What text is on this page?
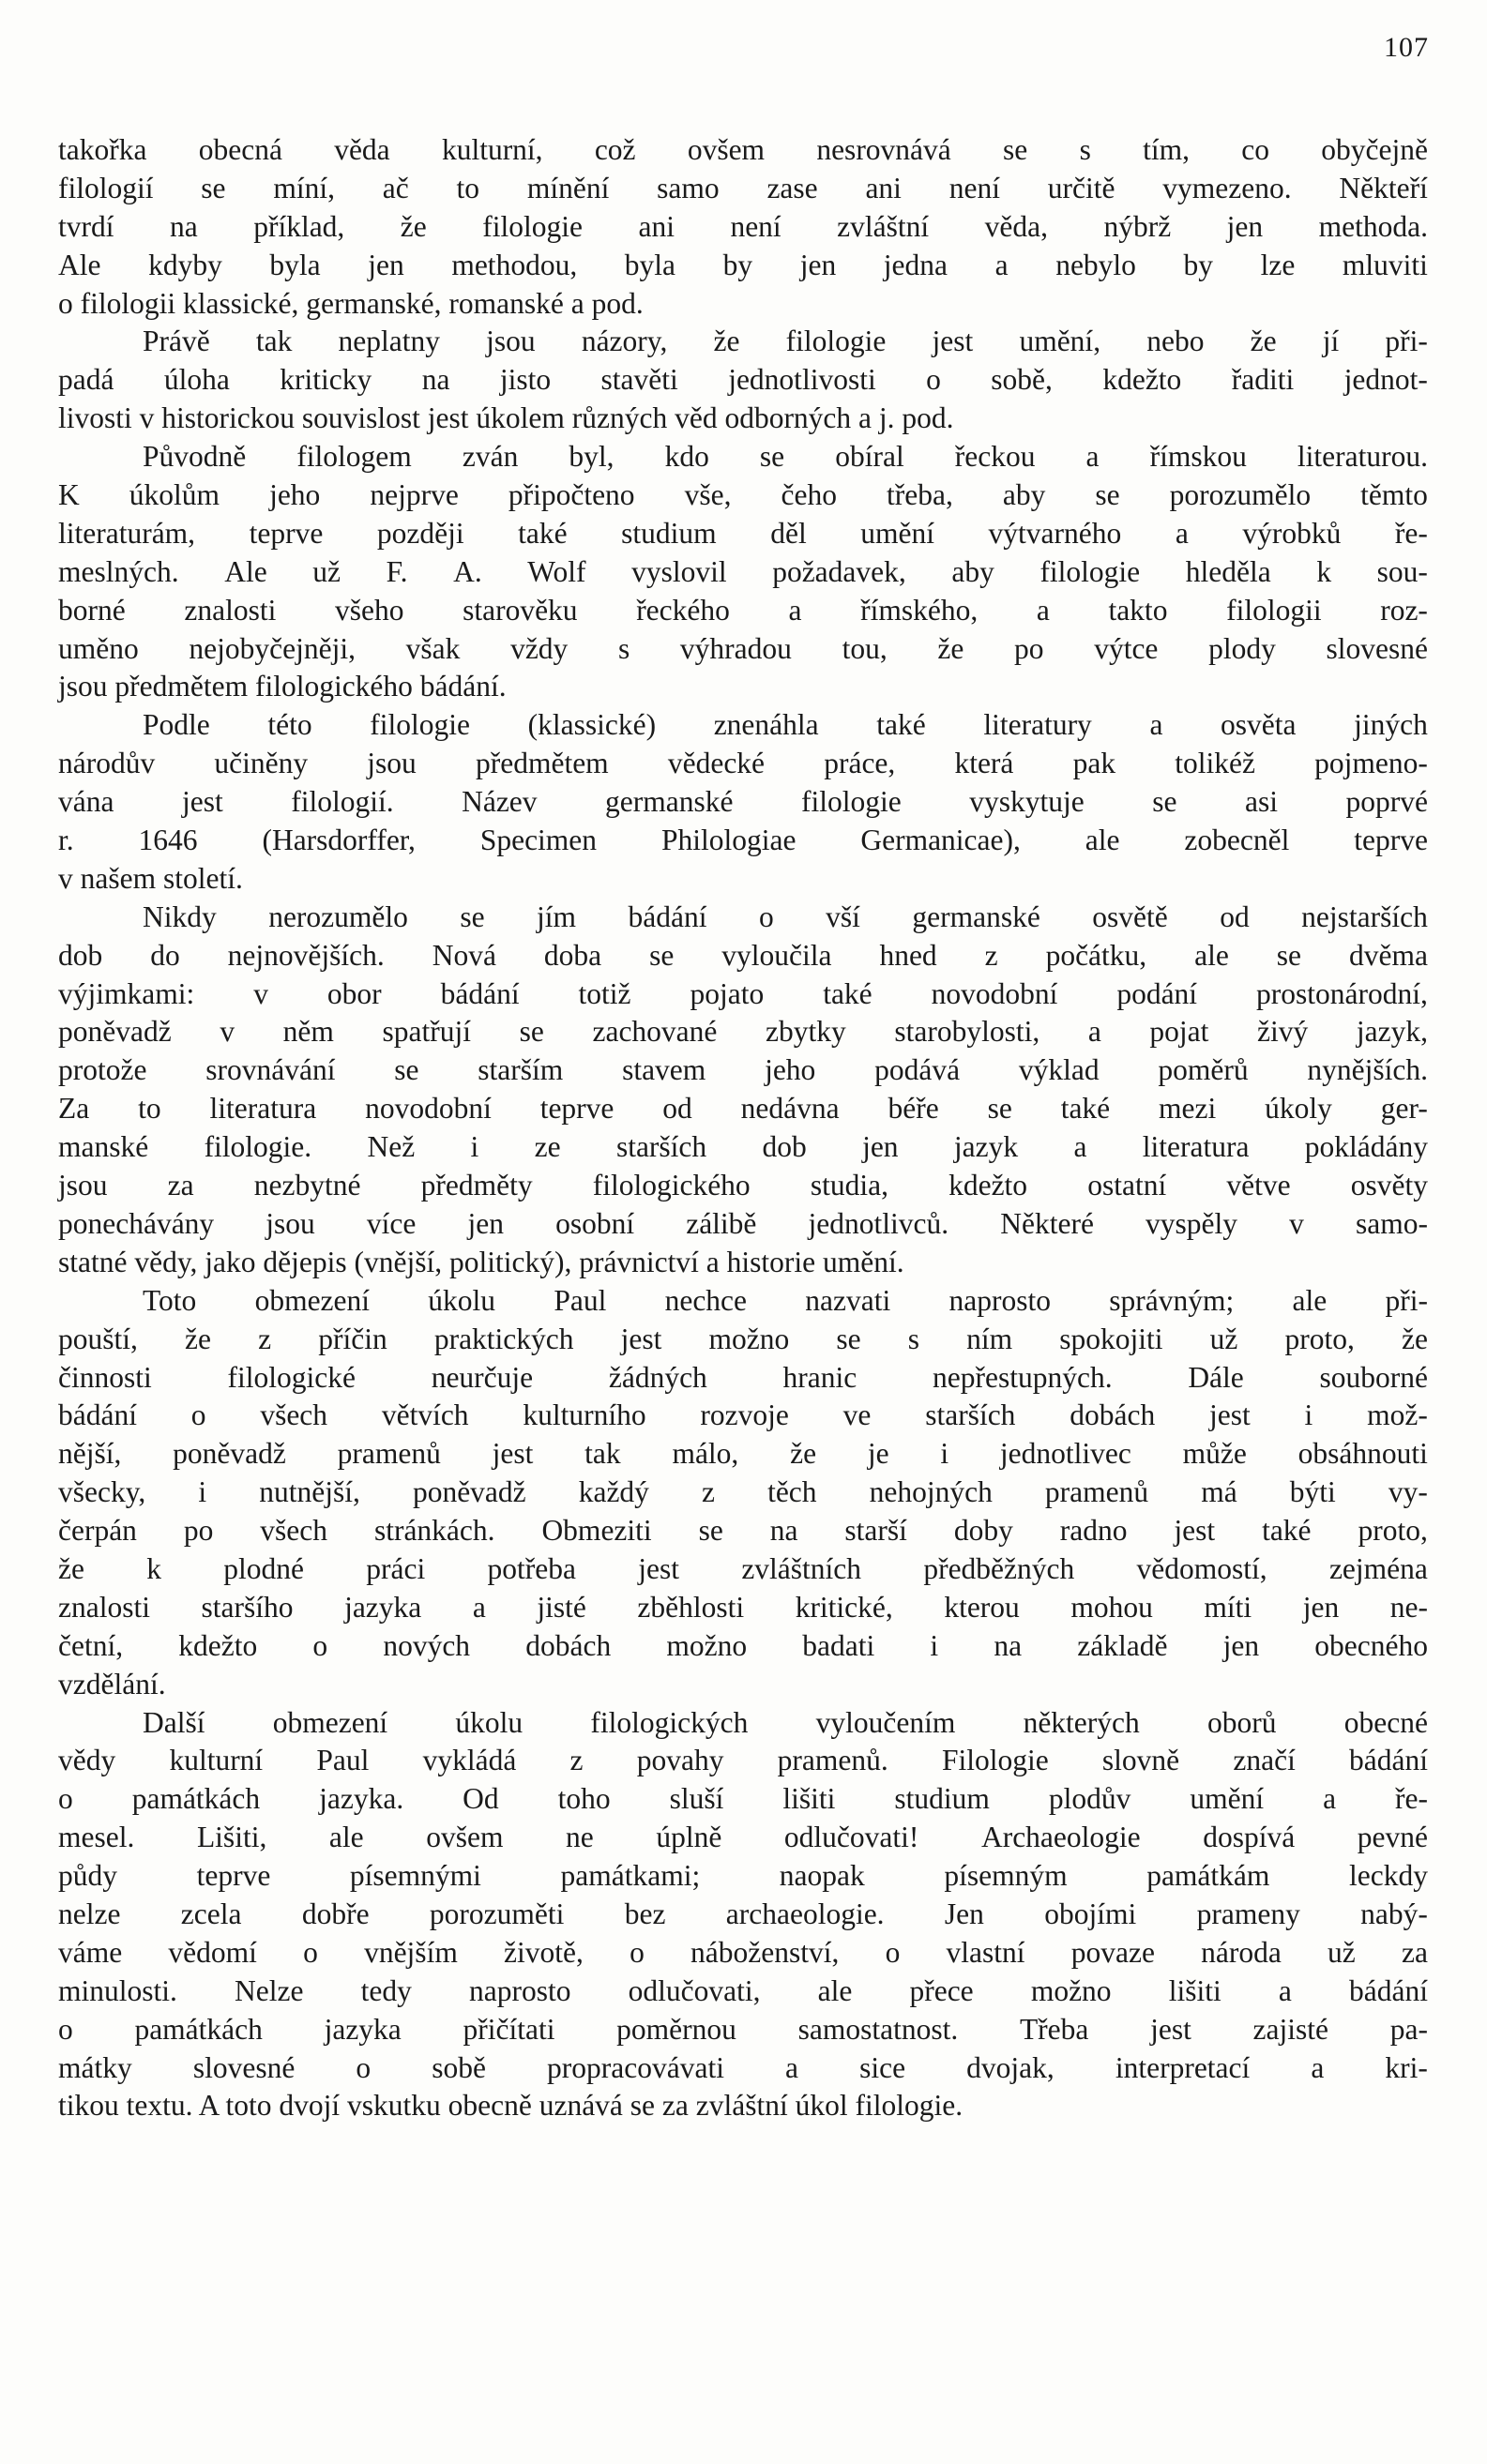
107
takořka obecná věda kulturní, což ovšem nesrovnává se s tím, co obyčejně
filologií se míní, ač to mínění samo zase ani není určitě vymezeno. Někteří
tvrdí na příklad, že filologie ani není zvláštní věda, nýbrž jen methoda.
Ale kdyby byla jen methodou, byla by jen jedna a nebylo by lze mluviti
o filologii klassické, germanské, romanské a pod.
Právě tak neplatny jsou názory, že filologie jest umění, nebo že jí při-
padá úloha kriticky na jisto stavěti jednotlivosti o sobě, kdežto řaditi jednot-
livosti v historickou souvislost jest úkolem různých věd odborných a j. pod.
Původně filologem zván byl, kdo se obíral řeckou a římskou literaturou.
K úkolům jeho nejprve připočteno vše, čeho třeba, aby se porozumělo těmto
literaturám, teprve později také studium děl umění výtvarného a výrobků ře-
meslných. Ale už F. A. Wolf vyslovil požadavek, aby filologie hleděla k sou-
borné znalosti všeho starověku řeckého a římského, a takto filologii roz-
uměno nejobyčejněji, však vždy s výhradou tou, že po výtce plody slovesné
jsou předmětem filologického bádání.
Podle této filologie (klassické) znenáhla také literatury a osvěta jiných
národův učiněny jsou předmětem vědecké práce, která pak tolikéž pojmeno-
vána jest filologií. Název germanské filologie vyskytuje se asi poprvé
r. 1646 (Harsdorffer, Specimen Philologiae Germanicae), ale zobecněl teprve
v našem století.
Nikdy nerozumělo se jím bádání o vší germanské osvětě od nejstarších
dob do nejnovějších. Nová doba se vyloučila hned z počátku, ale se dvěma
výjimkami: v obor bádání totiž pojato také novodobní podání prostonárodní,
poněvadž v něm spatřují se zachované zbytky starobylosti, a pojat živý jazyk,
protože srovnávání se starším stavem jeho podává výklad poměrů nynějších.
Za to literatura novodobní teprve od nedávna béře se také mezi úkoly ger-
manské filologie. Než i ze starších dob jen jazyk a literatura pokládány
jsou za nezbytné předměty filologického studia, kdežto ostatní větve osvěty
ponechávány jsou více jen osobní zálibě jednotlivců. Některé vyspěly v samo-
statné vědy, jako dějepis (vnější, politický), právnictví a historie umění.
Toto obmezení úkolu Paul nechce nazvati naprosto správným; ale při-
pouští, že z příčin praktických jest možno se s ním spokojiti už proto, že
činnosti	filologické	neurčuje	žádných	hranic	nepřestupných.	Dále	souborné
bádání o všech větvích kulturního rozvoje ve starších dobách jest i mož-
nější, poněvadž pramenů jest tak málo, že je i jednotlivec může obsáhnouti
všecky, i nutnější, poněvadž každý z těch nehojných pramenů má býti vy-
čerpán po všech stránkách. Obmeziti se na starší doby radno jest také proto,
že k plodné práci potřeba jest zvláštních předběžných vědomostí, zejména
znalosti staršího jazyka a jisté zběhlosti kritické, kterou mohou míti jen ne-
četní, kdežto o nových dobách možno badati i na základě jen obecného
vzdělání.
Další obmezení úkolu filologických vyloučením některých oborů obecné
vědy kulturní Paul vykládá z povahy pramenů. Filologie slovně značí bádání
o památkách jazyka. Od toho sluší lišiti studium plodův umění a ře-
mesel. Lišiti, ale ovšem ne úplně odlučovati! Archaeologie dospívá pevné
půdy	teprve	písemnými	památkami;	naopak	písemným	památkám	leckdy
nelze zcela dobře porozuměti bez archaeologie. Jen obojími prameny nabý-
váme vědomí o vnějším životě, o náboženství, o vlastní povaze národa už za
minulosti. Nelze tedy naprosto odlučovati, ale přece možno lišiti a bádání
o památkách jazyka přičítati poměrnou samostatnost. Třeba jest zajisté pa-
mátky slovesné o sobě propracovávati a sice dvojak, interpretací a kri-
tikou textu. A toto dvojí vskutku obecně uznává se za zvláštní úkol filologie.
